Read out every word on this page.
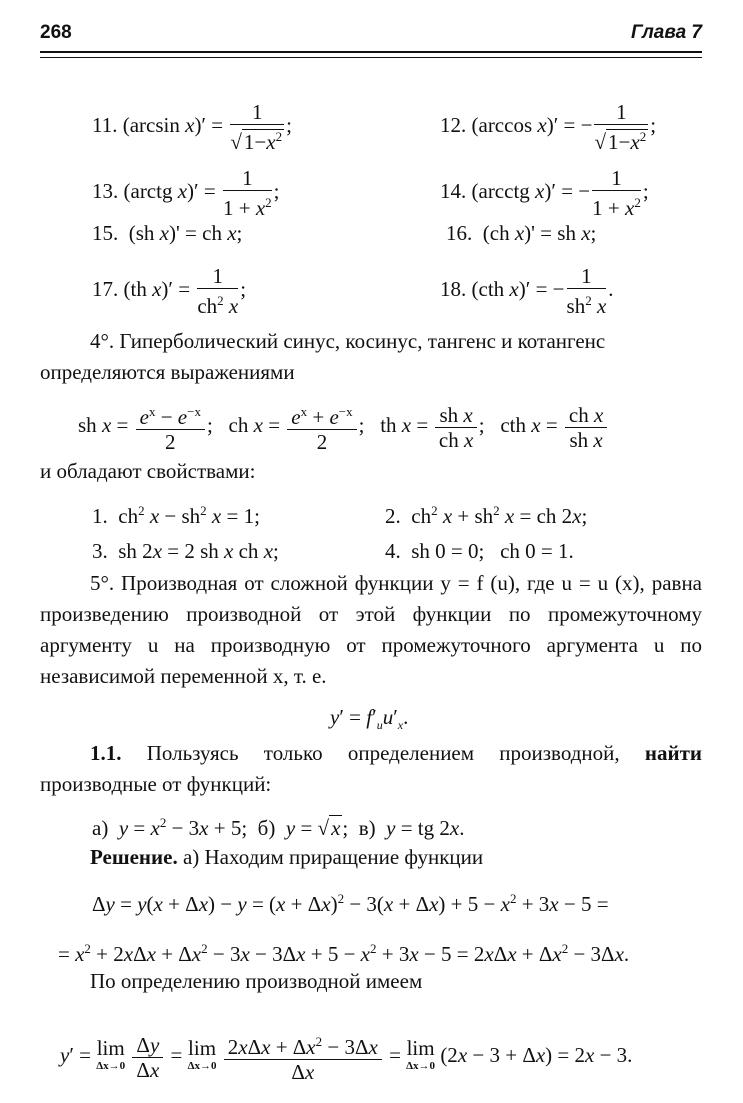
268	Глава 7
11. (arcsin $x)' = \frac{1}{√1-x^2}$ ;	12. (arccos x)′ = − $\frac{1}{√1-x^2}$ ;
13. (arctg $x)' = \frac{1}{1 + x^2}$ ;	14. (arcctg x)′ = − $\frac{1}{1 + x^2}$ ;
15.  (sh x)' = ch x;	16.  (ch x)' = sh x;
17. (th $x)' = \frac{1}{ch^2 x}$ ;	18. (cth x)′ = − $\frac{1}{sh^2 x}$ .
4°. Гиперболический синус, косинус, тангенс и котангенс определяются выражениями
sh $x = \frac{e^x - e^{-x}}{2}$ ;   ch $x = \frac{e^x + e^{-x}}{2}$ ;   th $x = \frac{\text{sh x}}{\text{ch x}}$ ;   cth $x = \frac{\text{ch x}}{\text{sh x}}$
и обладают свойствами:
1.  $ch^2$ $x - sh^2$ x = 1;	2.  $ch^2$ $x + sh^2$ x = ch 2x;
3.  sh 2x = 2 sh x ch x;	4.  sh 0 = 0;   ch 0 = 1.
5°. Производная от сложной функции y = f (u), где u = u (x), равна произведению производной от этой функции по промежуточному аргументу u на производную от промежуточного аргумента u по независимой переменной x, т. е.
$y' = f'_uu'_x$.
1.1. Пользуясь только определением производной, найти производные от функций:
а)  $y = x^2 - 3x + 5$;  б)  y = √x;  в)  y = tg 2x.
Решение. а) Находим приращение функции
$\Delta y = y(x + \Delta x) - y = (x + \Delta x)^2 - 3(x + \Delta x) + 5 - x^2 + 3x - 5$ =
= $x^2 + 2x\Delta x + \Delta x^2 - 3x - 3\Delta x + 5 - x^2 + 3x - 5 = 2x\Delta x + \Delta x^2 - 3\Delta x$.
По определению производной имеем
y′ = lim
Δx→0
$\frac{\Delta y}{\Delta x} = \lim$
Δx→0
$\frac{2x\Delta x + \Delta x^2 - 3\Delta x}{\Delta x} = \lim$
Δx→0 (2x − 3 + Δx) = 2x − 3.
